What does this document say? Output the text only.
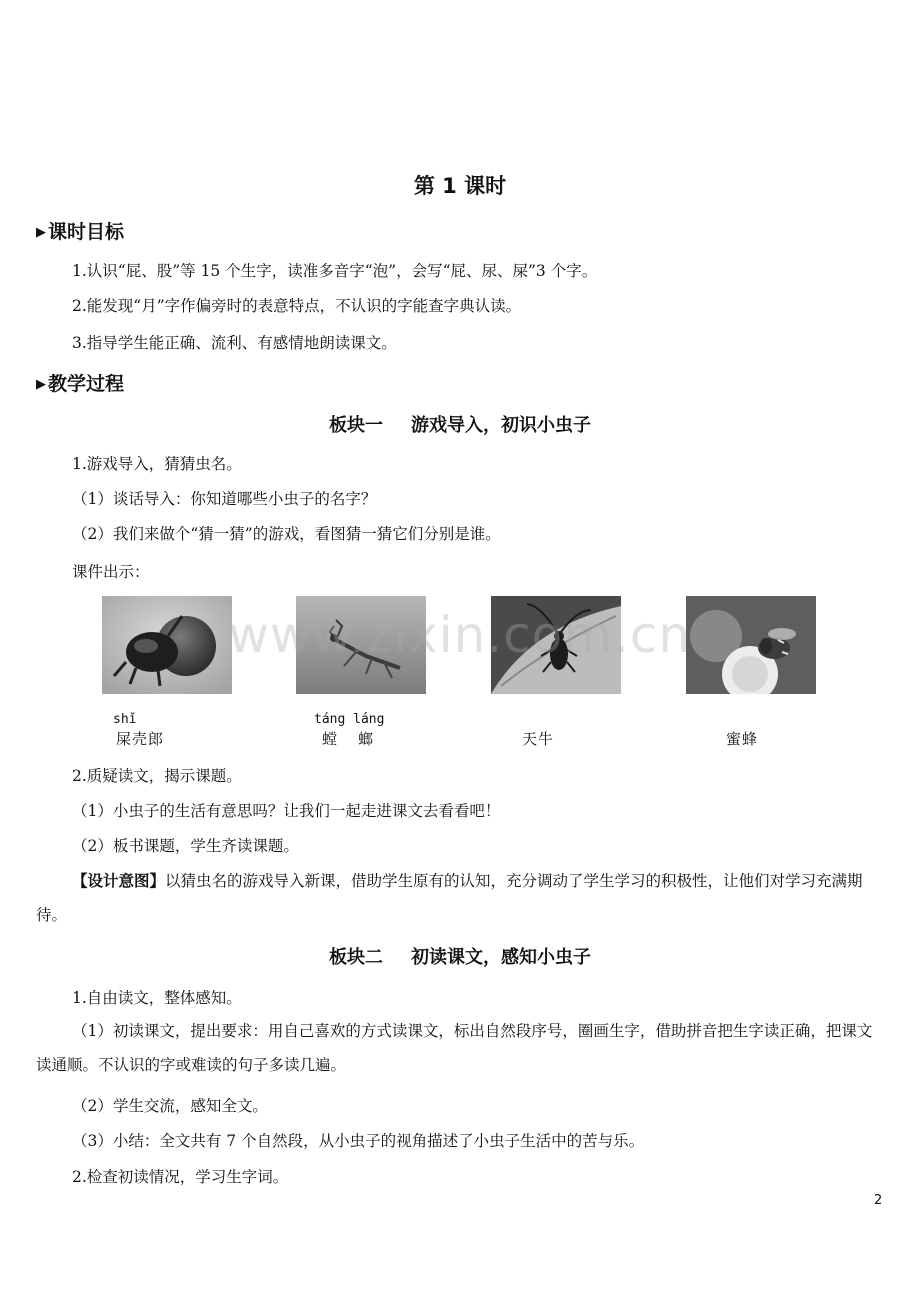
第 1 课时
▶ 课时目标
1.认识“屁、股”等 15 个生字，读准多音字“泡”，会写“屁、尿、屎”3 个字。
2.能发现“月”字作偏旁时的表意特点，不认识的字能查字典认读。
3.指导学生能正确、流利、有感情地朗读课文。
▶ 教学过程
板块一 游戏导入，初识小虫子
1.游戏导入，猜猜虫名。
（1）谈话导入：你知道哪些小虫子的名字？
（2）我们来做个“猜一猜”的游戏，看图猜一猜它们分别是谁。
课件出示：
www.zixin.com.cn
shǐ	táng láng
屎壳郎	螳  螂	天牛	蜜蜂
2.质疑读文，揭示课题。
（1）小虫子的生活有意思吗？让我们一起走进课文去看看吧！
（2）板书课题，学生齐读课题。
【设计意图】以猜虫名的游戏导入新课，借助学生原有的认知，充分调动了学生学习的积极性，让他们对学习充满期待。
板块二 初读课文，感知小虫子
1.自由读文，整体感知。
（1）初读课文，提出要求：用自己喜欢的方式读课文，标出自然段序号，圈画生字，借助拼音把生字读正确，把课文读通顺。不认识的字或难读的句子多读几遍。
（2）学生交流，感知全文。
（3）小结：全文共有 7 个自然段，从小虫子的视角描述了小虫子生活中的苦与乐。
2.检查初读情况，学习生字词。
2
